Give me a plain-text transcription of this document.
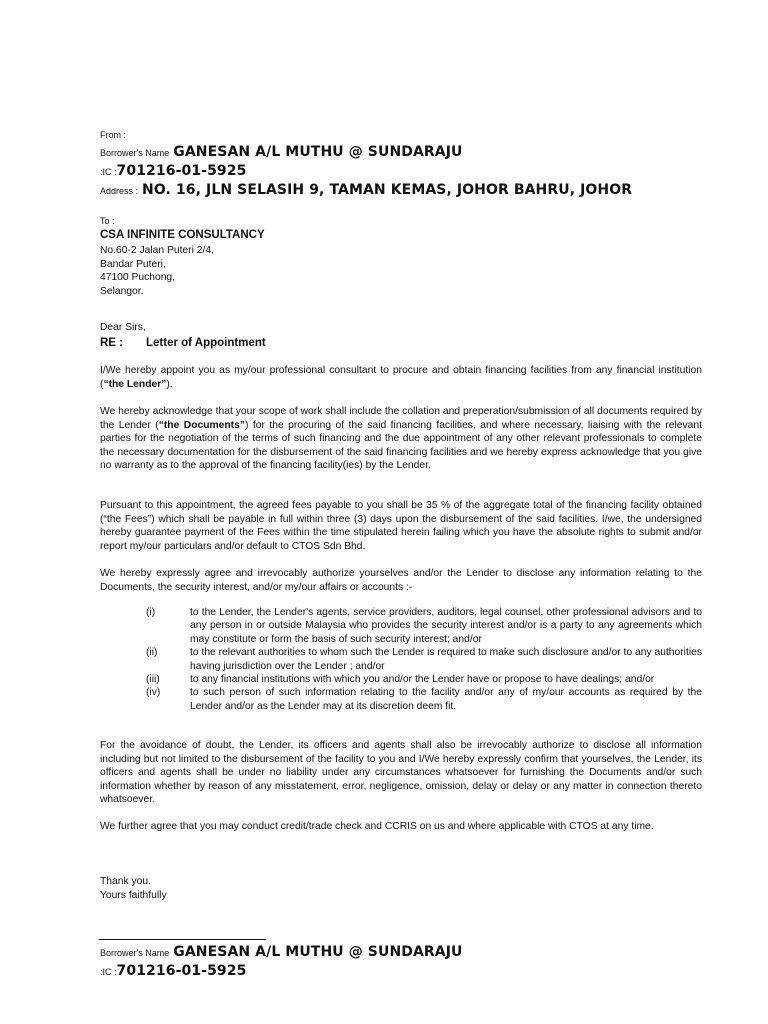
From :
Borrower's Name GANESAN A/L MUTHU @ SUNDARAJU
:IC :701216-01-5925
Address : NO. 16, JLN SELASIH 9, TAMAN KEMAS, JOHOR BAHRU, JOHOR
To :
CSA INFINITE CONSULTANCY
No.60-2 Jalan Puteri 2/4,
Bandar Puteri,
47100 Puchong,
Selangor.
Dear Sirs,
RE : Letter of Appointment

I/We hereby appoint you as my/our professional consultant to procure and obtain financing facilities from any financial institution (“the Lender”).

We hereby acknowledge that your scope of work shall include the collation and preperation/submission of all documents required by the Lender (“the Documents”) for the procuring of the said financing facilities, and where necessary, liaising with the relevant parties for the negotiation of the terms of such financing and the due appointment of any other relevant professionals to complete the necessary documentation for the disbursement of the said financing facilities and we hereby express acknowledge that you give no warranty as to the approval of the financing facility(ies) by the Lender.

Pursuant to this appointment, the agreed fees payable to you shall be 35 % of the aggregate total of the financing facility obtained (“the Fees”) which shall be payable in full within three (3) days upon the disbursement of the said facilities. I/we, the undersigned hereby guarantee payment of the Fees within the time stipulated herein failing which you have the absolute rights to submit and/or report my/our particulars and/or default to CTOS Sdn Bhd.

We hereby expressly agree and irrevocably authorize yourselves and/or the Lender to disclose any information relating to the Documents, the security interest, and/or my/our affairs or accounts :-

(i)	to the Lender, the Lender's agents, service providers, auditors, legal counsel, other professional advisors and to any person in or outside Malaysia who provides the security interest and/or is a party to any agreements which may constitute or form the basis of such security interest; and/or
(ii)	to the relevant authorities to whom such the Lender is required to make such disclosure and/or to any authorities having jurisdiction over the Lender ; and/or
(iii)	to any financial institutions with which you and/or the Lender have or propose to have dealings; and/or
(iv)	to such person of such information relating to the facility and/or any of my/our accounts as required by the Lender and/or as the Lender may at its discretion deem fit.

For the avoidance of doubt, the Lender, its officers and agents shall also be irrevocably authorize to disclose all information including but not limited to the disbursement of the facility to you and I/We hereby expressly confirm that yourselves, the Lender, its officers and agents shall be under no liability under any circumstances whatsoever for furnishing the Documents and/or such information whether by reason of any misstatement, error, negligence, omission, delay or delay or any matter in connection thereto whatsoever.

We further agree that you may conduct credit/trade check and CCRIS on us and where applicable with CTOS at any time.

Thank you.
Yours faithfully
Borrower's Name GANESAN A/L MUTHU @ SUNDARAJU
:IC :701216-01-5925
